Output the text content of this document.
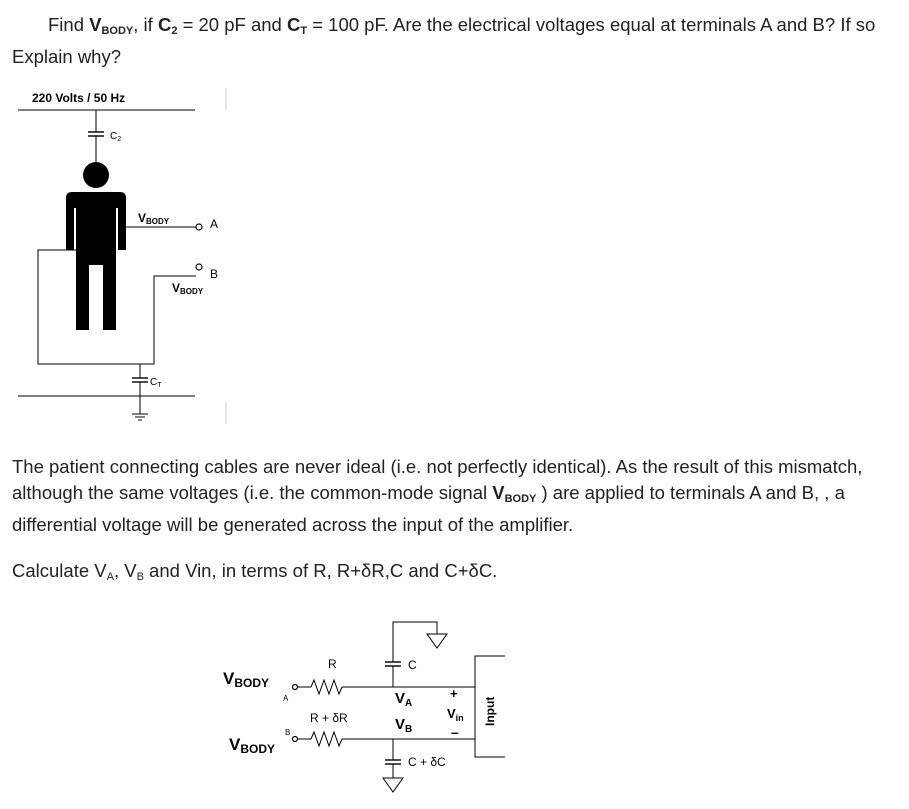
Find $V_{BODY}$, if $C_2 = 20$ pF and $C_T = 100$ pF. Are the electrical voltages equal at terminals A and B? If so Explain why?
220 Volts / 50 Hz
$C_2$
A
B
VBODY
VBODY
$C_T$
The patient connecting cables are never ideal (i.e. not perfectly identical). As the result of this mismatch, although the same voltages (i.e. the common-mode signal $V_{BODY}$ ) are applied to terminals A and B, , a differential voltage will be generated across the input of the amplifier.
Calculate $V_A$, $V_B$ and Vin, in terms of R, R+δR,C and C+δC.
VBODY
A
R
VBODY
B
R + δR
C
C + δC
$V_A$
$V_B$
+
$V_{in}$
–
Input
